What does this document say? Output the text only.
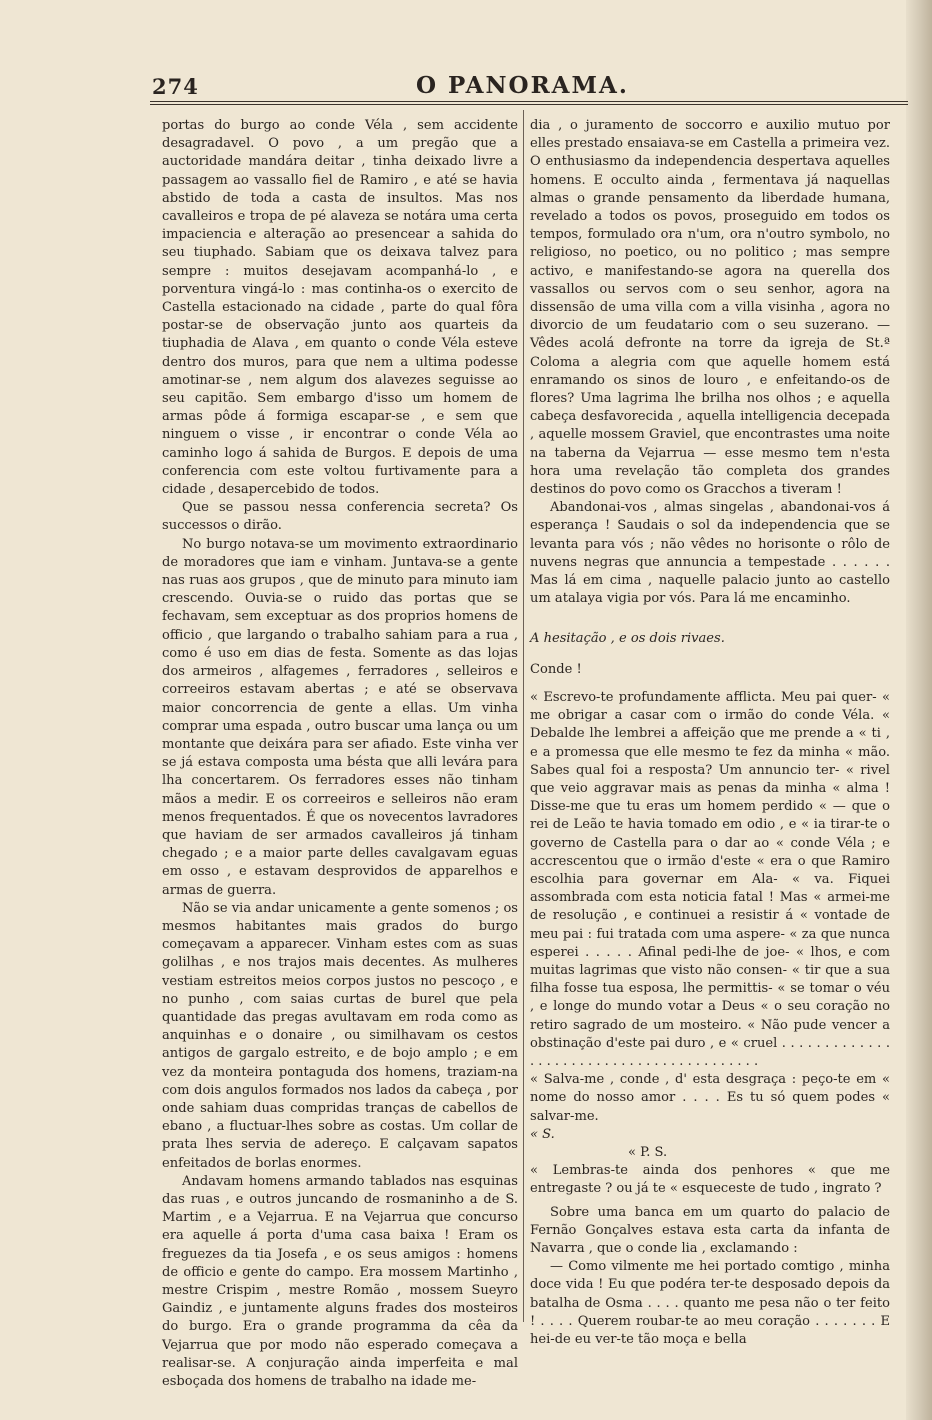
274	O PANORAMA.

portas do burgo ao conde Véla , sem accidente desagradavel. O povo , a um pregão que a auctoridade mandára deitar , tinha deixado livre a passagem ao vassallo fiel de Ramiro , e até se havia abstido de toda a casta de insultos. Mas nos cavalleiros e tropa de pé alaveza se notára uma certa impaciencia e alteração ao presencear a sahida do seu tiuphado. Sabiam que os deixava talvez para sempre : muitos desejavam acompanhá-lo , e porventura vingá-lo : mas continha-os o exercito de Castella estacionado na cidade , parte do qual fôra postar-se de observação junto aos quarteis da tiuphadia de Alava , em quanto o conde Véla esteve dentro dos muros, para que nem a ultima podesse amotinar-se , nem algum dos alavezes seguisse ao seu capitão. Sem embargo d'isso um homem de armas pôde á formiga escapar-se , e sem que ninguem o visse , ir encontrar o conde Véla ao caminho logo á sahida de Burgos. E depois de uma conferencia com este voltou furtivamente para a cidade , desapercebido de todos.

Que se passou nessa conferencia secreta? Os successos o dirão.

No burgo notava-se um movimento extraordinario de moradores que iam e vinham. Juntava-se a gente nas ruas aos grupos , que de minuto para minuto iam crescendo. Ouvia-se o ruido das portas que se fechavam, sem exceptuar as dos proprios homens de officio , que largando o trabalho sahiam para a rua , como é uso em dias de festa. Somente as das lojas dos armeiros , alfagemes , ferradores , selleiros e correeiros estavam abertas ; e até se observava maior concorrencia de gente a ellas. Um vinha comprar uma espada , outro buscar uma lança ou um montante que deixára para ser afiado. Este vinha ver se já estava composta uma bésta que alli levára para lha concertarem. Os ferradores esses não tinham mãos a medir. E os correeiros e selleiros não eram menos frequentados. É que os novecentos lavradores que haviam de ser armados cavalleiros já tinham chegado ; e a maior parte delles cavalgavam eguas em osso , e estavam desprovidos de apparelhos e armas de guerra.

Não se via andar unicamente a gente somenos ; os mesmos habitantes mais grados do burgo começavam a apparecer. Vinham estes com as suas golilhas , e nos trajos mais decentes. As mulheres vestiam estreitos meios corpos justos no pescoço , e no punho , com saias curtas de burel que pela quantidade das pregas avultavam em roda como as anquinhas e o donaire , ou similhavam os cestos antigos de gargalo estreito, e de bojo amplo ; e em vez da monteira pontaguda dos homens, traziam-na com dois angulos formados nos lados da cabeça , por onde sahiam duas compridas tranças de cabellos de ebano , a fluctuar-lhes sobre as costas. Um collar de prata lhes servia de adereço. E calçavam sapatos enfeitados de borlas enormes.

Andavam homens armando tablados nas esquinas das ruas , e outros juncando de rosmaninho a de S. Martim , e a Vejarrua. E na Vejarrua que concurso era aquelle á porta d'uma casa baixa ! Eram os freguezes da tia Josefa , e os seus amigos : homens de officio e gente do campo. Era mossem Martinho , mestre Crispim , mestre Romão , mossem Sueyro Gaindiz , e juntamente alguns frades dos mosteiros do burgo. Era o grande programma da cêa da Vejarrua que por modo não esperado começava a realisar-se. A conjuração ainda imperfeita e mal esboçada dos homens de trabalho na idade me-

dia , o juramento de soccorro e auxilio mutuo por elles prestado ensaiava-se em Castella a primeira vez. O enthusiasmo da independencia despertava aquelles homens. E occulto ainda , fermentava já naquellas almas o grande pensamento da liberdade humana, revelado a todos os povos, proseguido em todos os tempos, formulado ora n'um, ora n'outro symbolo, no religioso, no poetico, ou no politico ; mas sempre activo, e manifestando-se agora na querella dos vassallos ou servos com o seu senhor, agora na dissensão de uma villa com a villa visinha , agora no divorcio de um feudatario com o seu suzerano. — Vêdes acolá defronte na torre da igreja de St.ª Coloma a alegria com que aquelle homem está enramando os sinos de louro , e enfeitando-os de flores? Uma lagrima lhe brilha nos olhos ; e aquella cabeça desfavorecida , aquella intelligencia decepada , aquelle mossem Graviel, que encontrastes uma noite na taberna da Vejarrua — esse mesmo tem n'esta hora uma revelação tão completa dos grandes destinos do povo como os Gracchos a tiveram !

Abandonai-vos , almas singelas , abandonai-vos á esperança ! Saudais o sol da independencia que se levanta para vós ; não vêdes no horisonte o rôlo de nuvens negras que annuncia a tempestade . . . . . . Mas lá em cima , naquelle palacio junto ao castello um atalaya vigia por vós. Para lá me encaminho.

A hesitação , e os dois rivaes.

Conde !

« Escrevo-te profundamente afflicta. Meu pai quer- « me obrigar a casar com o irmão do conde Véla. « Debalde lhe lembrei a affeição que me prende a « ti , e a promessa que elle mesmo te fez da minha « mão. Sabes qual foi a resposta? Um annuncio ter- « rivel que veio aggravar mais as penas da minha « alma ! Disse-me que tu eras um homem perdido « — que o rei de Leão te havia tomado em odio , e « ia tirar-te o governo de Castella para o dar ao « conde Véla ; e accrescentou que o irmão d'este « era o que Ramiro escolhia para governar em Ala- « va. Fiquei assombrada com esta noticia fatal ! Mas « armei-me de resolução , e continuei a resistir á « vontade de meu pai : fui tratada com uma aspere- « za que nunca esperei . . . . . Afinal pedi-lhe de joe- « lhos, e com muitas lagrimas que visto não consen- « tir que a sua filha fosse tua esposa, lhe permittis- « se tomar o véu , e longe do mundo votar a Deus « o seu coração no retiro sagrado de um mosteiro. « Não pude vencer a obstinação d'este pai duro , e « cruel . . . . . . . . . . . . . . . . . . . . . . . . . . . . . . . . . . . . . . . . .

« Salva-me , conde , d' esta desgraça : peço-te em « nome do nosso amor . . . . Es tu só quem podes « salvar-me.

« S.

« P. S.

« Lembras-te ainda dos penhores « que me entregaste ? ou já te « esqueceste de tudo , ingrato ?

Sobre uma banca em um quarto do palacio de Fernão Gonçalves estava esta carta da infanta de Navarra , que o conde lia , exclamando :

— Como vilmente me hei portado comtigo , minha doce vida ! Eu que podéra ter-te desposado depois da batalha de Osma . . . . quanto me pesa não o ter feito ! . . . . Querem roubar-te ao meu coração . . . . . . . E hei-de eu ver-te tão moça e bella
